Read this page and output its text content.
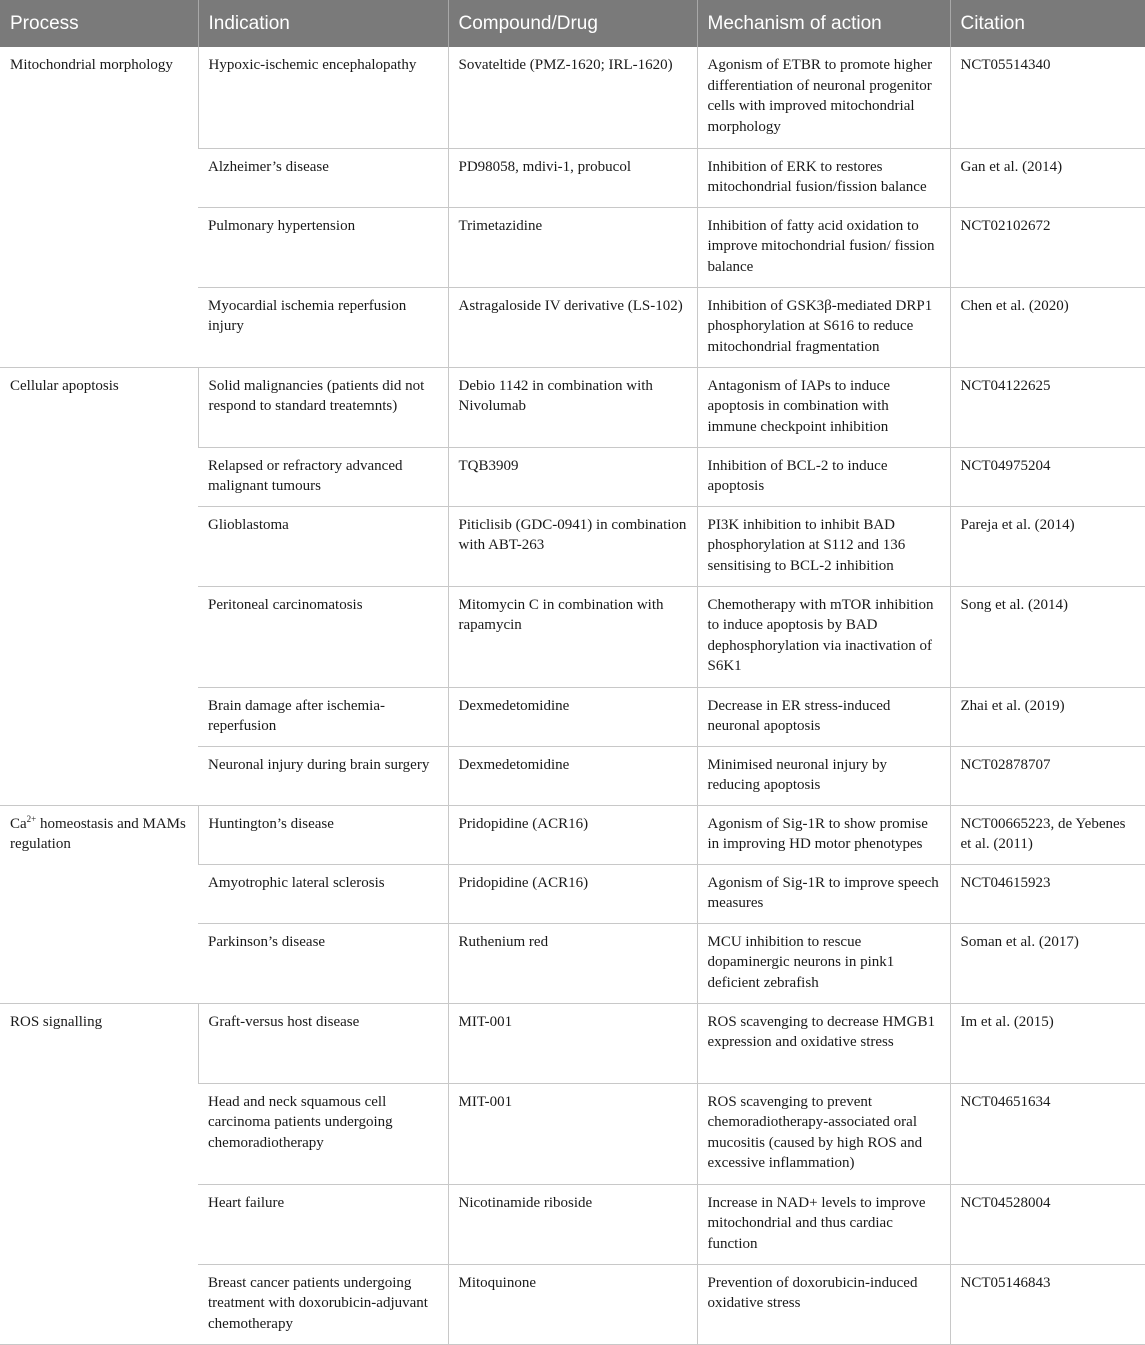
Process	Indication	Compound/Drug	Mechanism of action	Citation
Mitochondrial morphology	Hypoxic-ischemic encephalopathy	Sovateltide (PMZ-1620; IRL-1620)	Agonism of ETBR to promote higher differentiation of neuronal progenitor cells with improved mitochondrial morphology	NCT05514340
	Alzheimer’s disease	PD98058, mdivi-1, probucol	Inhibition of ERK to restores mitochondrial fusion/fission balance	Gan et al. (2014)
	Pulmonary hypertension	Trimetazidine	Inhibition of fatty acid oxidation to improve mitochondrial fusion/ fission balance	NCT02102672
	Myocardial ischemia reperfusion injury	Astragaloside IV derivative (LS-102)	Inhibition of GSK3β-mediated DRP1 phosphorylation at S616 to reduce mitochondrial fragmentation	Chen et al. (2020)
Cellular apoptosis	Solid malignancies (patients did not respond to standard treatemnts)	Debio 1142 in combination with Nivolumab	Antagonism of IAPs to induce apoptosis in combination with immune checkpoint inhibition	NCT04122625
	Relapsed or refractory advanced malignant tumours	TQB3909	Inhibition of BCL-2 to induce apoptosis	NCT04975204
	Glioblastoma	Piticlisib (GDC-0941) in combination with ABT-263	PI3K inhibition to inhibit BAD phosphorylation at S112 and 136 sensitising to BCL-2 inhibition	Pareja et al. (2014)
	Peritoneal carcinomatosis	Mitomycin C in combination with rapamycin	Chemotherapy with mTOR inhibition to induce apoptosis by BAD dephosphorylation via inactivation of S6K1	Song et al. (2014)
	Brain damage after ischemia-reperfusion	Dexmedetomidine	Decrease in ER stress-induced neuronal apoptosis	Zhai et al. (2019)
	Neuronal injury during brain surgery	Dexmedetomidine	Minimised neuronal injury by reducing apoptosis	NCT02878707
$Ca^{2+}$ homeostasis and MAMs regulation	Huntington’s disease	Pridopidine (ACR16)	Agonism of Sig-1R to show promise in improving HD motor phenotypes	NCT00665223, de Yebenes et al. (2011)
	Amyotrophic lateral sclerosis	Pridopidine (ACR16)	Agonism of Sig-1R to improve speech measures	NCT04615923
	Parkinson’s disease	Ruthenium red	MCU inhibition to rescue dopaminergic neurons in pink1 deficient zebrafish	Soman et al. (2017)
ROS signalling	Graft-versus host disease	MIT-001	ROS scavenging to decrease HMGB1 expression and oxidative stress	Im et al. (2015)
	Head and neck squamous cell carcinoma patients undergoing chemoradiotherapy	MIT-001	ROS scavenging to prevent chemoradiotherapy-associated oral mucositis (caused by high ROS and excessive inflammation)	NCT04651634
	Heart failure	Nicotinamide riboside	Increase in NAD+ levels to improve mitochondrial and thus cardiac function	NCT04528004
	Breast cancer patients undergoing treatment with doxorubicin-adjuvant chemotherapy	Mitoquinone	Prevention of doxorubicin-induced oxidative stress	NCT05146843
